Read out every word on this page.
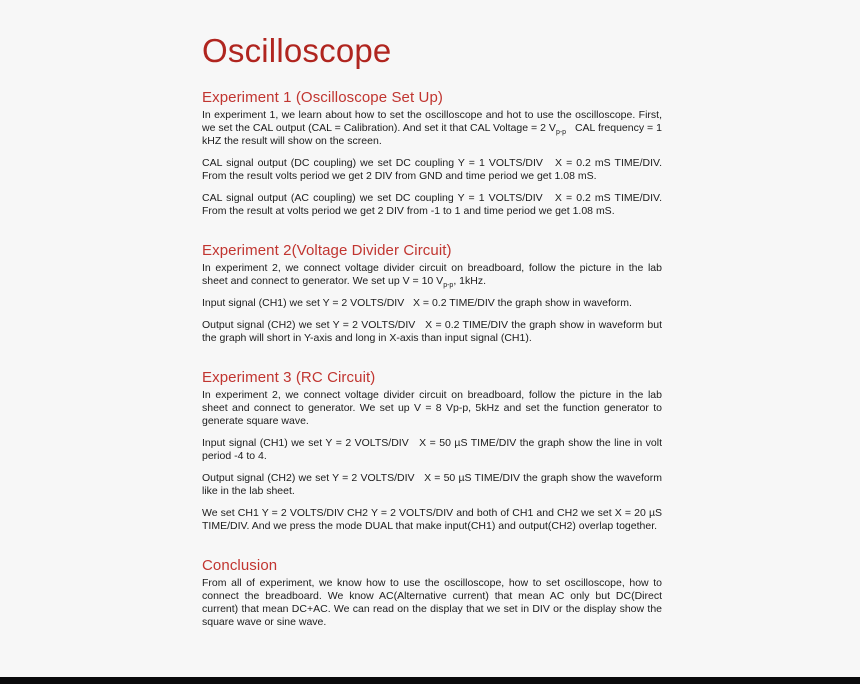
Oscilloscope
Experiment 1 (Oscilloscope Set Up)

In experiment 1, we learn about how to set the oscilloscope and hot to use the oscilloscope. First, we set the CAL output (CAL = Calibration). And set it that CAL Voltage = 2 $V_{p-p}$   CAL frequency = 1 kHZ the result will show on the screen.

CAL signal output (DC coupling) we set DC coupling Y = 1 VOLTS/DIV   X = 0.2 mS TIME/DIV. From the result volts period we get 2 DIV from GND and time period we get 1.08 mS.

CAL signal output (AC coupling) we set DC coupling Y = 1 VOLTS/DIV   X = 0.2 mS TIME/DIV. From the result at volts period we get 2 DIV from -1 to 1 and time period we get 1.08 mS.

Experiment 2(Voltage Divider Circuit)

In experiment 2, we connect voltage divider circuit on breadboard, follow the picture in the lab sheet and connect to generator. We set up V = 10 $V_{p-p}$, 1kHz.

Input signal (CH1) we set Y = 2 VOLTS/DIV   X = 0.2 TIME/DIV the graph show in waveform.

Output signal (CH2) we set Y = 2 VOLTS/DIV   X = 0.2 TIME/DIV the graph show in waveform but the graph will short in Y-axis and long in X-axis than input signal (CH1).

Experiment 3 (RC Circuit)

In experiment 2, we connect voltage divider circuit on breadboard, follow the picture in the lab sheet and connect to generator. We set up V = 8 Vp-p, 5kHz and set the function generator to generate square wave.

Input signal (CH1) we set Y = 2 VOLTS/DIV   X = 50 µS TIME/DIV the graph show the line in volt period -4 to 4.

Output signal (CH2) we set Y = 2 VOLTS/DIV   X = 50 µS TIME/DIV the graph show the waveform like in the lab sheet.

We set CH1 Y = 2 VOLTS/DIV CH2 Y = 2 VOLTS/DIV and both of CH1 and CH2 we set X = 20 µS TIME/DIV. And we press the mode DUAL that make input(CH1) and output(CH2) overlap together.

Conclusion

From all of experiment, we know how to use the oscilloscope, how to set oscilloscope, how to connect the breadboard. We know AC(Alternative current) that mean AC only but DC(Direct current) that mean DC+AC. We can read on the display that we set in DIV or the display show the square wave or sine wave.
